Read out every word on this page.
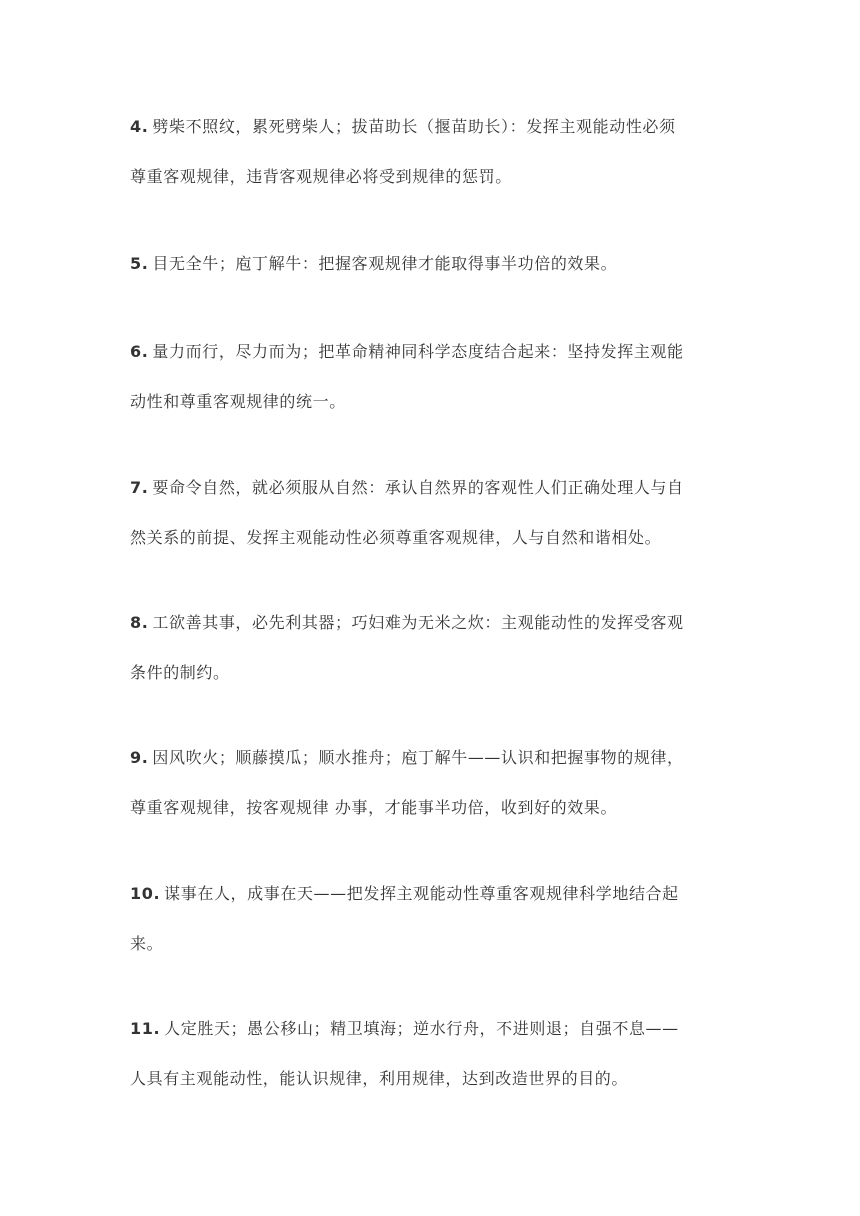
4. 劈柴不照纹，累死劈柴人；拔苗助长（揠苗助长）：发挥主观能动性必须
尊重客观规律，违背客观规律必将受到规律的惩罚。

5. 目无全牛；庖丁解牛：把握客观规律才能取得事半功倍的效果。

6. 量力而行，尽力而为；把革命精神同科学态度结合起来：坚持发挥主观能
动性和尊重客观规律的统一。

7. 要命令自然，就必须服从自然：承认自然界的客观性人们正确处理人与自
然关系的前提、发挥主观能动性必须尊重客观规律，人与自然和谐相处。

8. 工欲善其事，必先利其器；巧妇难为无米之炊：主观能动性的发挥受客观
条件的制约。

9. 因风吹火；顺藤摸瓜；顺水推舟；庖丁解牛——认识和把握事物的规律，
尊重客观规律，按客观规律 办事，才能事半功倍，收到好的效果。

10. 谋事在人，成事在天——把发挥主观能动性尊重客观规律科学地结合起
来。

11. 人定胜天；愚公移山；精卫填海；逆水行舟，不进则退；自强不息——
人具有主观能动性，能认识规律，利用规律，达到改造世界的目的。
